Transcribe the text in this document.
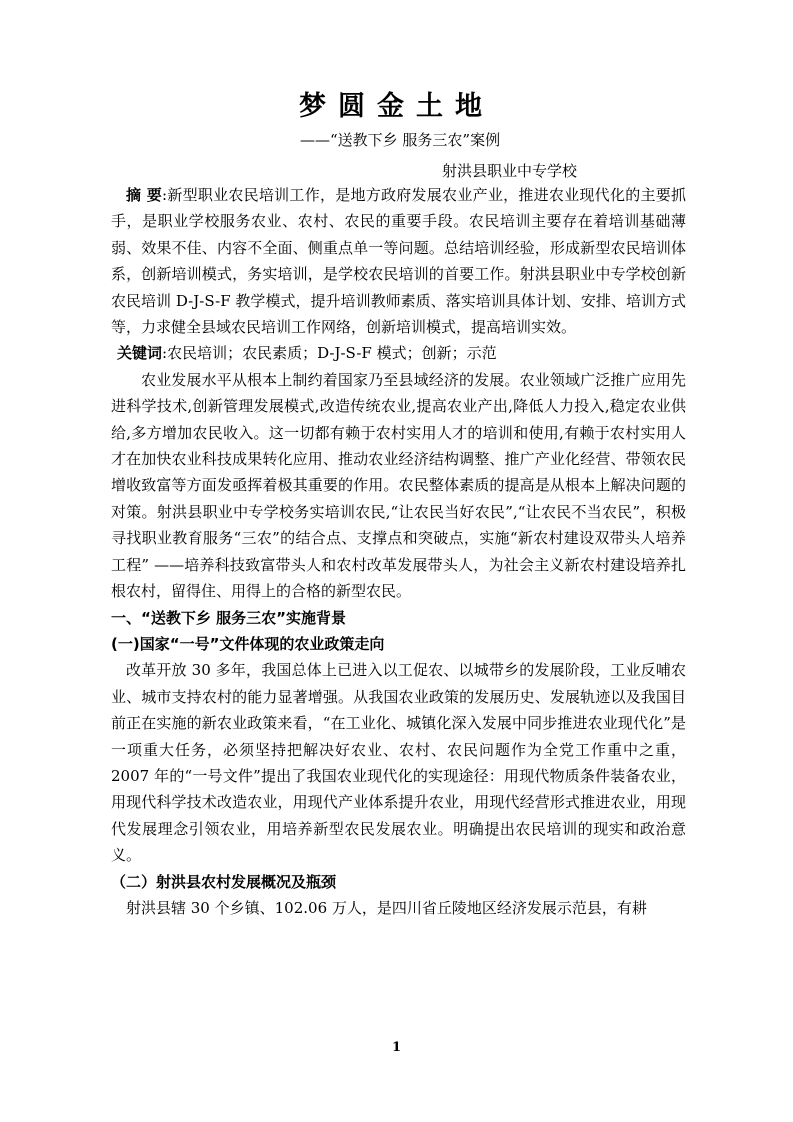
梦圆金土地
——“送教下乡 服务三农”案例
射洪县职业中专学校

摘 要:新型职业农民培训工作，是地方政府发展农业产业，推进农业现代化的主要抓手，是职业学校服务农业、农村、农民的重要手段。农民培训主要存在着培训基础薄弱、效果不佳、内容不全面、侧重点单一等问题。总结培训经验，形成新型农民培训体系，创新培训模式，务实培训，是学校农民培训的首要工作。射洪县职业中专学校创新农民培训 D-J-S-F 教学模式，提升培训教师素质、落实培训具体计划、安排、培训方式等，力求健全县域农民培训工作网络，创新培训模式，提高培训实效。

关键词:农民培训；农民素质；D-J-S-F 模式；创新；示范

农业发展水平从根本上制约着国家乃至县域经济的发展。农业领域广泛推广应用先进科学技术,创新管理发展模式,改造传统农业,提高农业产出,降低人力投入,稳定农业供给,多方增加农民收入。这一切都有赖于农村实用人才的培训和使用,有赖于农村实用人才在加快农业科技成果转化应用、推动农业经济结构调整、推广产业化经营、带领农民增收致富等方面发亟挥着极其重要的作用。农民整体素质的提高是从根本上解决问题的对策。射洪县职业中专学校务实培训农民,“让农民当好农民”,“让农民不当农民”，积极寻找职业教育服务“三农”的结合点、支撑点和突破点，实施“新农村建设双带头人培养工程” ——培养科技致富带头人和农村改革发展带头人，为社会主义新农村建设培养扎根农村，留得住、用得上的合格的新型农民。

一、“送教下乡 服务三农”实施背景

(一)国家“一号”文件体现的农业政策走向

改革开放 30 多年，我国总体上已进入以工促农、以城带乡的发展阶段，工业反哺农业、城市支持农村的能力显著增强。从我国农业政策的发展历史、发展轨迹以及我国目前正在实施的新农业政策来看，“在工业化、城镇化深入发展中同步推进农业现代化”是一项重大任务，必须坚持把解决好农业、农村、农民问题作为全党工作重中之重，2007 年的“一号文件”提出了我国农业现代化的实现途径：用现代物质条件装备农业，用现代科学技术改造农业，用现代产业体系提升农业，用现代经营形式推进农业，用现代发展理念引领农业，用培养新型农民发展农业。明确提出农民培训的现实和政治意义。

（二）射洪县农村发展概况及瓶颈

射洪县辖 30 个乡镇、102.06 万人，是四川省丘陵地区经济发展示范县，有耕

1
